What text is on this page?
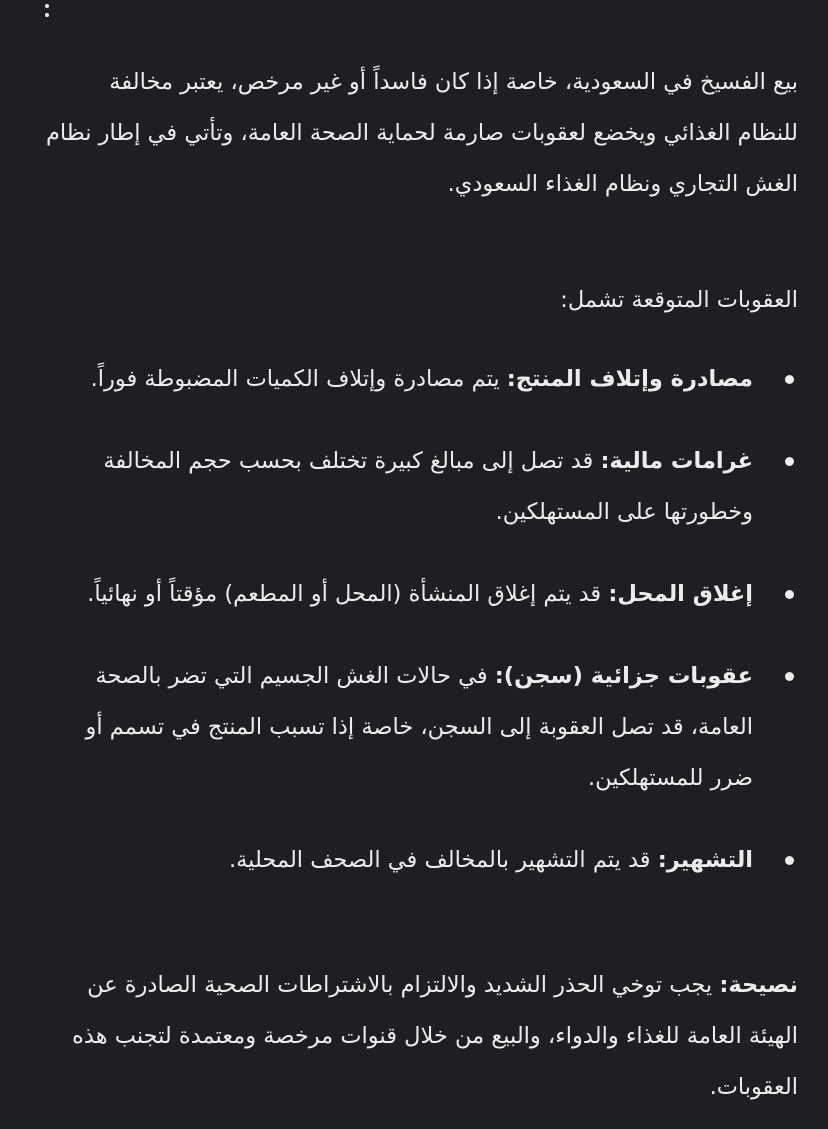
بيع الفسيخ في السعودية، خاصة إذا كان فاسداً أو غير مرخص، يعتبر مخالفة للنظام الغذائي ويخضع لعقوبات صارمة لحماية الصحة العامة، وتأتي في إطار نظام الغش التجاري ونظام الغذاء السعودي.

العقوبات المتوقعة تشمل:

مصادرة وإتلاف المنتج: يتم مصادرة وإتلاف الكميات المضبوطة فوراً.
غرامات مالية: قد تصل إلى مبالغ كبيرة تختلف بحسب حجم المخالفة وخطورتها على المستهلكين.
إغلاق المحل: قد يتم إغلاق المنشأة (المحل أو المطعم) مؤقتاً أو نهائياً.
عقوبات جزائية (سجن): في حالات الغش الجسيم التي تضر بالصحة العامة، قد تصل العقوبة إلى السجن، خاصة إذا تسبب المنتج في تسمم أو ضرر للمستهلكين.
التشهير: قد يتم التشهير بالمخالف في الصحف المحلية.

نصيحة: يجب توخي الحذر الشديد والالتزام بالاشتراطات الصحية الصادرة عن الهيئة العامة للغذاء والدواء، والبيع من خلال قنوات مرخصة ومعتمدة لتجنب هذه العقوبات.
